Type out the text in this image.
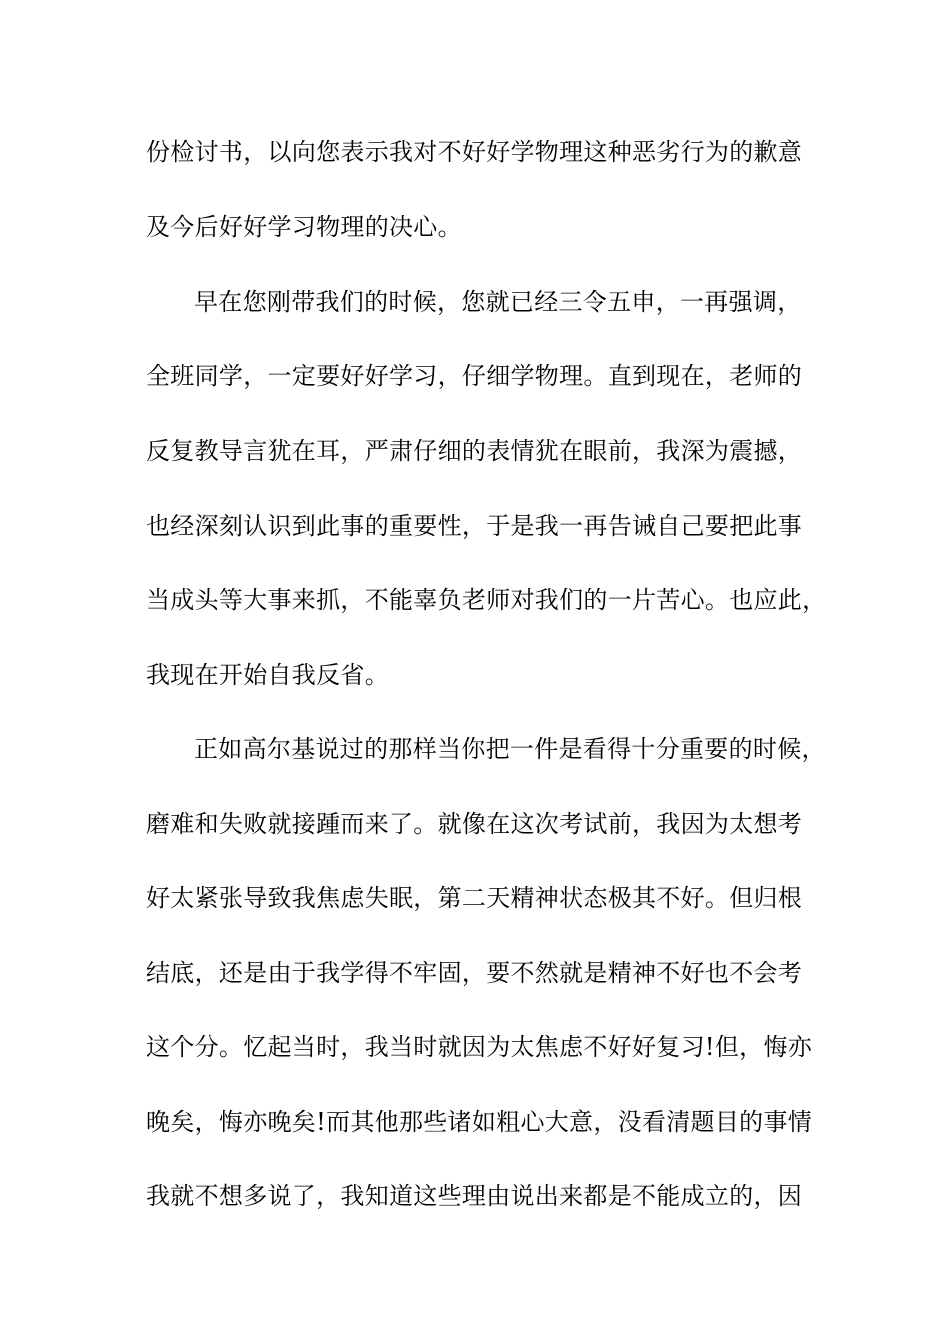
份检讨书，以向您表示我对不好好学物理这种恶劣行为的歉意
及今后好好学习物理的决心。
早在您刚带我们的时候，您就已经三令五申，一再强调，
全班同学，一定要好好学习，仔细学物理。直到现在，老师的
反复教导言犹在耳，严肃仔细的表情犹在眼前，我深为震撼，
也经深刻认识到此事的重要性，于是我一再告诫自己要把此事
当成头等大事来抓，不能辜负老师对我们的一片苦心。也应此，
我现在开始自我反省。
正如高尔基说过的那样当你把一件是看得十分重要的时候，
磨难和失败就接踵而来了。就像在这次考试前，我因为太想考
好太紧张导致我焦虑失眠，第二天精神状态极其不好。但归根
结底，还是由于我学得不牢固，要不然就是精神不好也不会考
这个分。忆起当时，我当时就因为太焦虑不好好复习!但，悔亦
晚矣，悔亦晚矣!而其他那些诸如粗心大意，没看清题目的事情
我就不想多说了，我知道这些理由说出来都是不能成立的，因
